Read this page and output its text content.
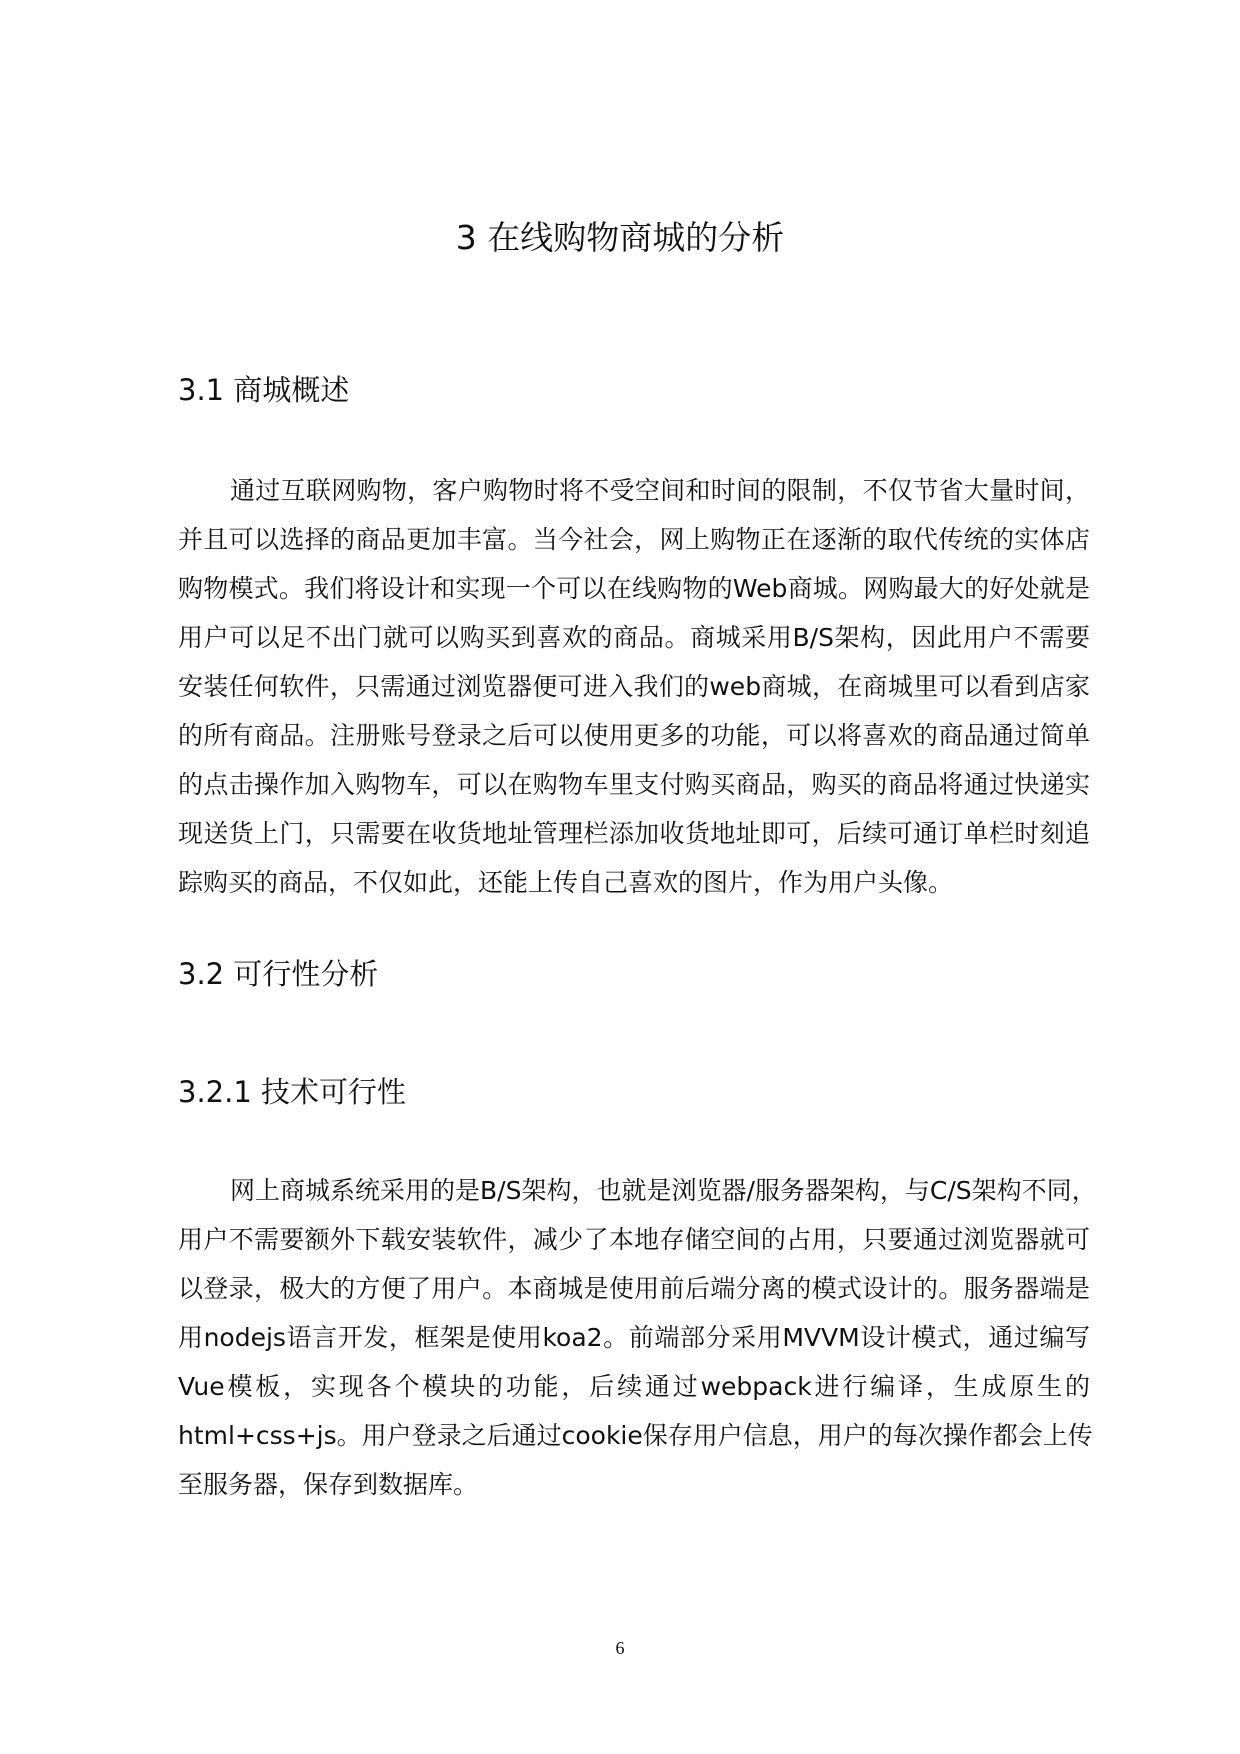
3 在线购物商城的分析
3.1 商城概述
通过互联网购物，客户购物时将不受空间和时间的限制，不仅节省大量时间，
并且可以选择的商品更加丰富。当今社会，网上购物正在逐渐的取代传统的实体店
购物模式。我们将设计和实现一个可以在线购物的Web商城。网购最大的好处就是
用户可以足不出门就可以购买到喜欢的商品。商城采用B/S架构，因此用户不需要
安装任何软件，只需通过浏览器便可进入我们的web商城，在商城里可以看到店家
的所有商品。注册账号登录之后可以使用更多的功能，可以将喜欢的商品通过简单
的点击操作加入购物车，可以在购物车里支付购买商品，购买的商品将通过快递实
现送货上门，只需要在收货地址管理栏添加收货地址即可，后续可通订单栏时刻追
踪购买的商品，不仅如此，还能上传自己喜欢的图片，作为用户头像。
3.2 可行性分析
3.2.1 技术可行性
网上商城系统采用的是B/S架构，也就是浏览器/服务器架构，与C/S架构不同，
用户不需要额外下载安装软件，减少了本地存储空间的占用，只要通过浏览器就可
以登录，极大的方便了用户。本商城是使用前后端分离的模式设计的。服务器端是
用nodejs语言开发，框架是使用koa2。前端部分采用MVVM设计模式，通过编写
Vue模板，实现各个模块的功能，后续通过webpack进行编译，生成原生的
html+css+js。用户登录之后通过cookie保存用户信息，用户的每次操作都会上传
至服务器，保存到数据库。
6
